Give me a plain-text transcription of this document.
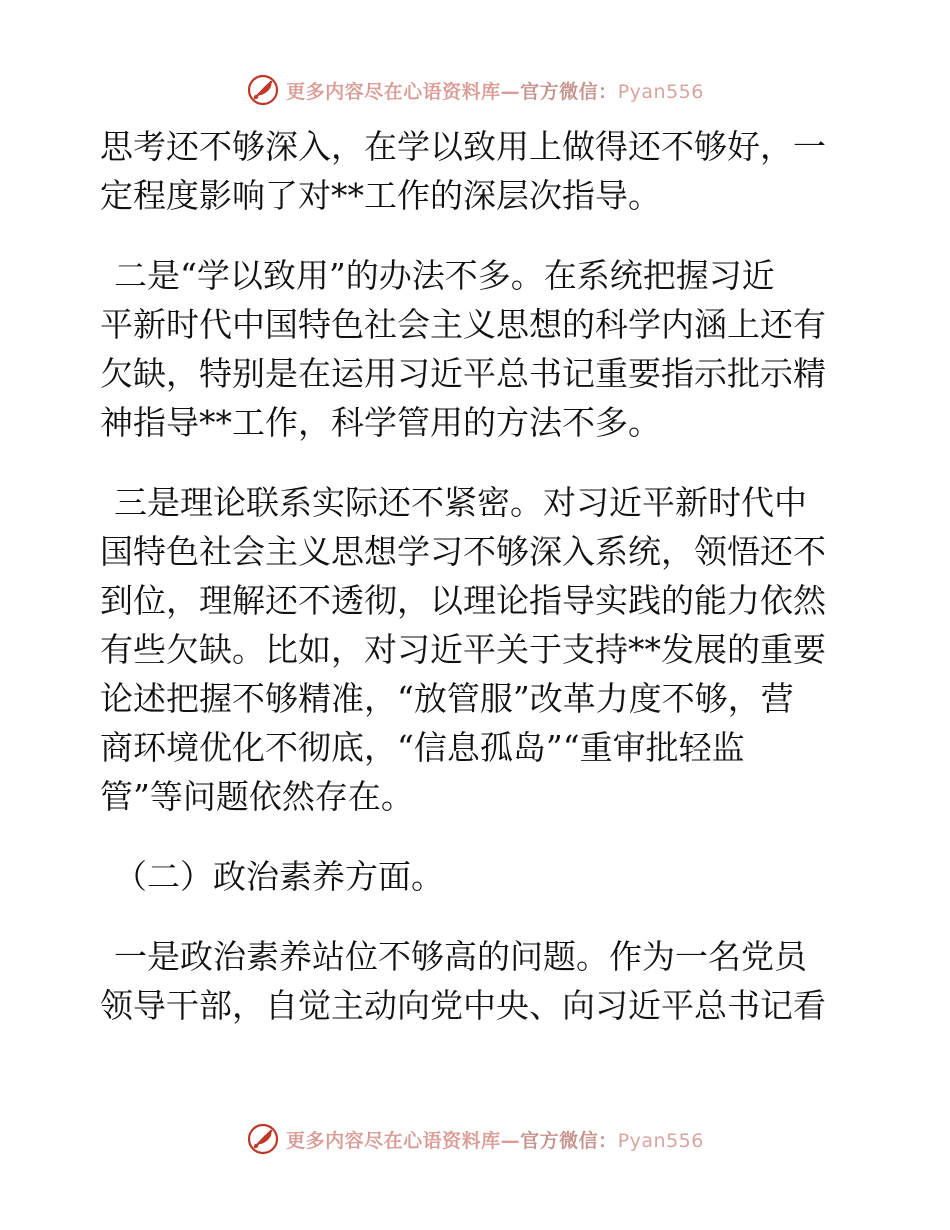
更多内容尽在心语资料库—官方微信：Pyan556

思考还不够深入，在学以致用上做得还不够好，一
定程度影响了对**工作的深层次指导。

二是“学以致用”的办法不多。在系统把握习近
平新时代中国特色社会主义思想的科学内涵上还有
欠缺，特别是在运用习近平总书记重要指示批示精
神指导**工作，科学管用的方法不多。

三是理论联系实际还不紧密。对习近平新时代中
国特色社会主义思想学习不够深入系统，领悟还不
到位，理解还不透彻，以理论指导实践的能力依然
有些欠缺。比如，对习近平关于支持**发展的重要
论述把握不够精准，“放管服”改革力度不够，营
商环境优化不彻底，“信息孤岛”“重审批轻监
管”等问题依然存在。

（二）政治素养方面。

一是政治素养站位不够高的问题。作为一名党员
领导干部，自觉主动向党中央、向习近平总书记看

更多内容尽在心语资料库—官方微信：Pyan556
